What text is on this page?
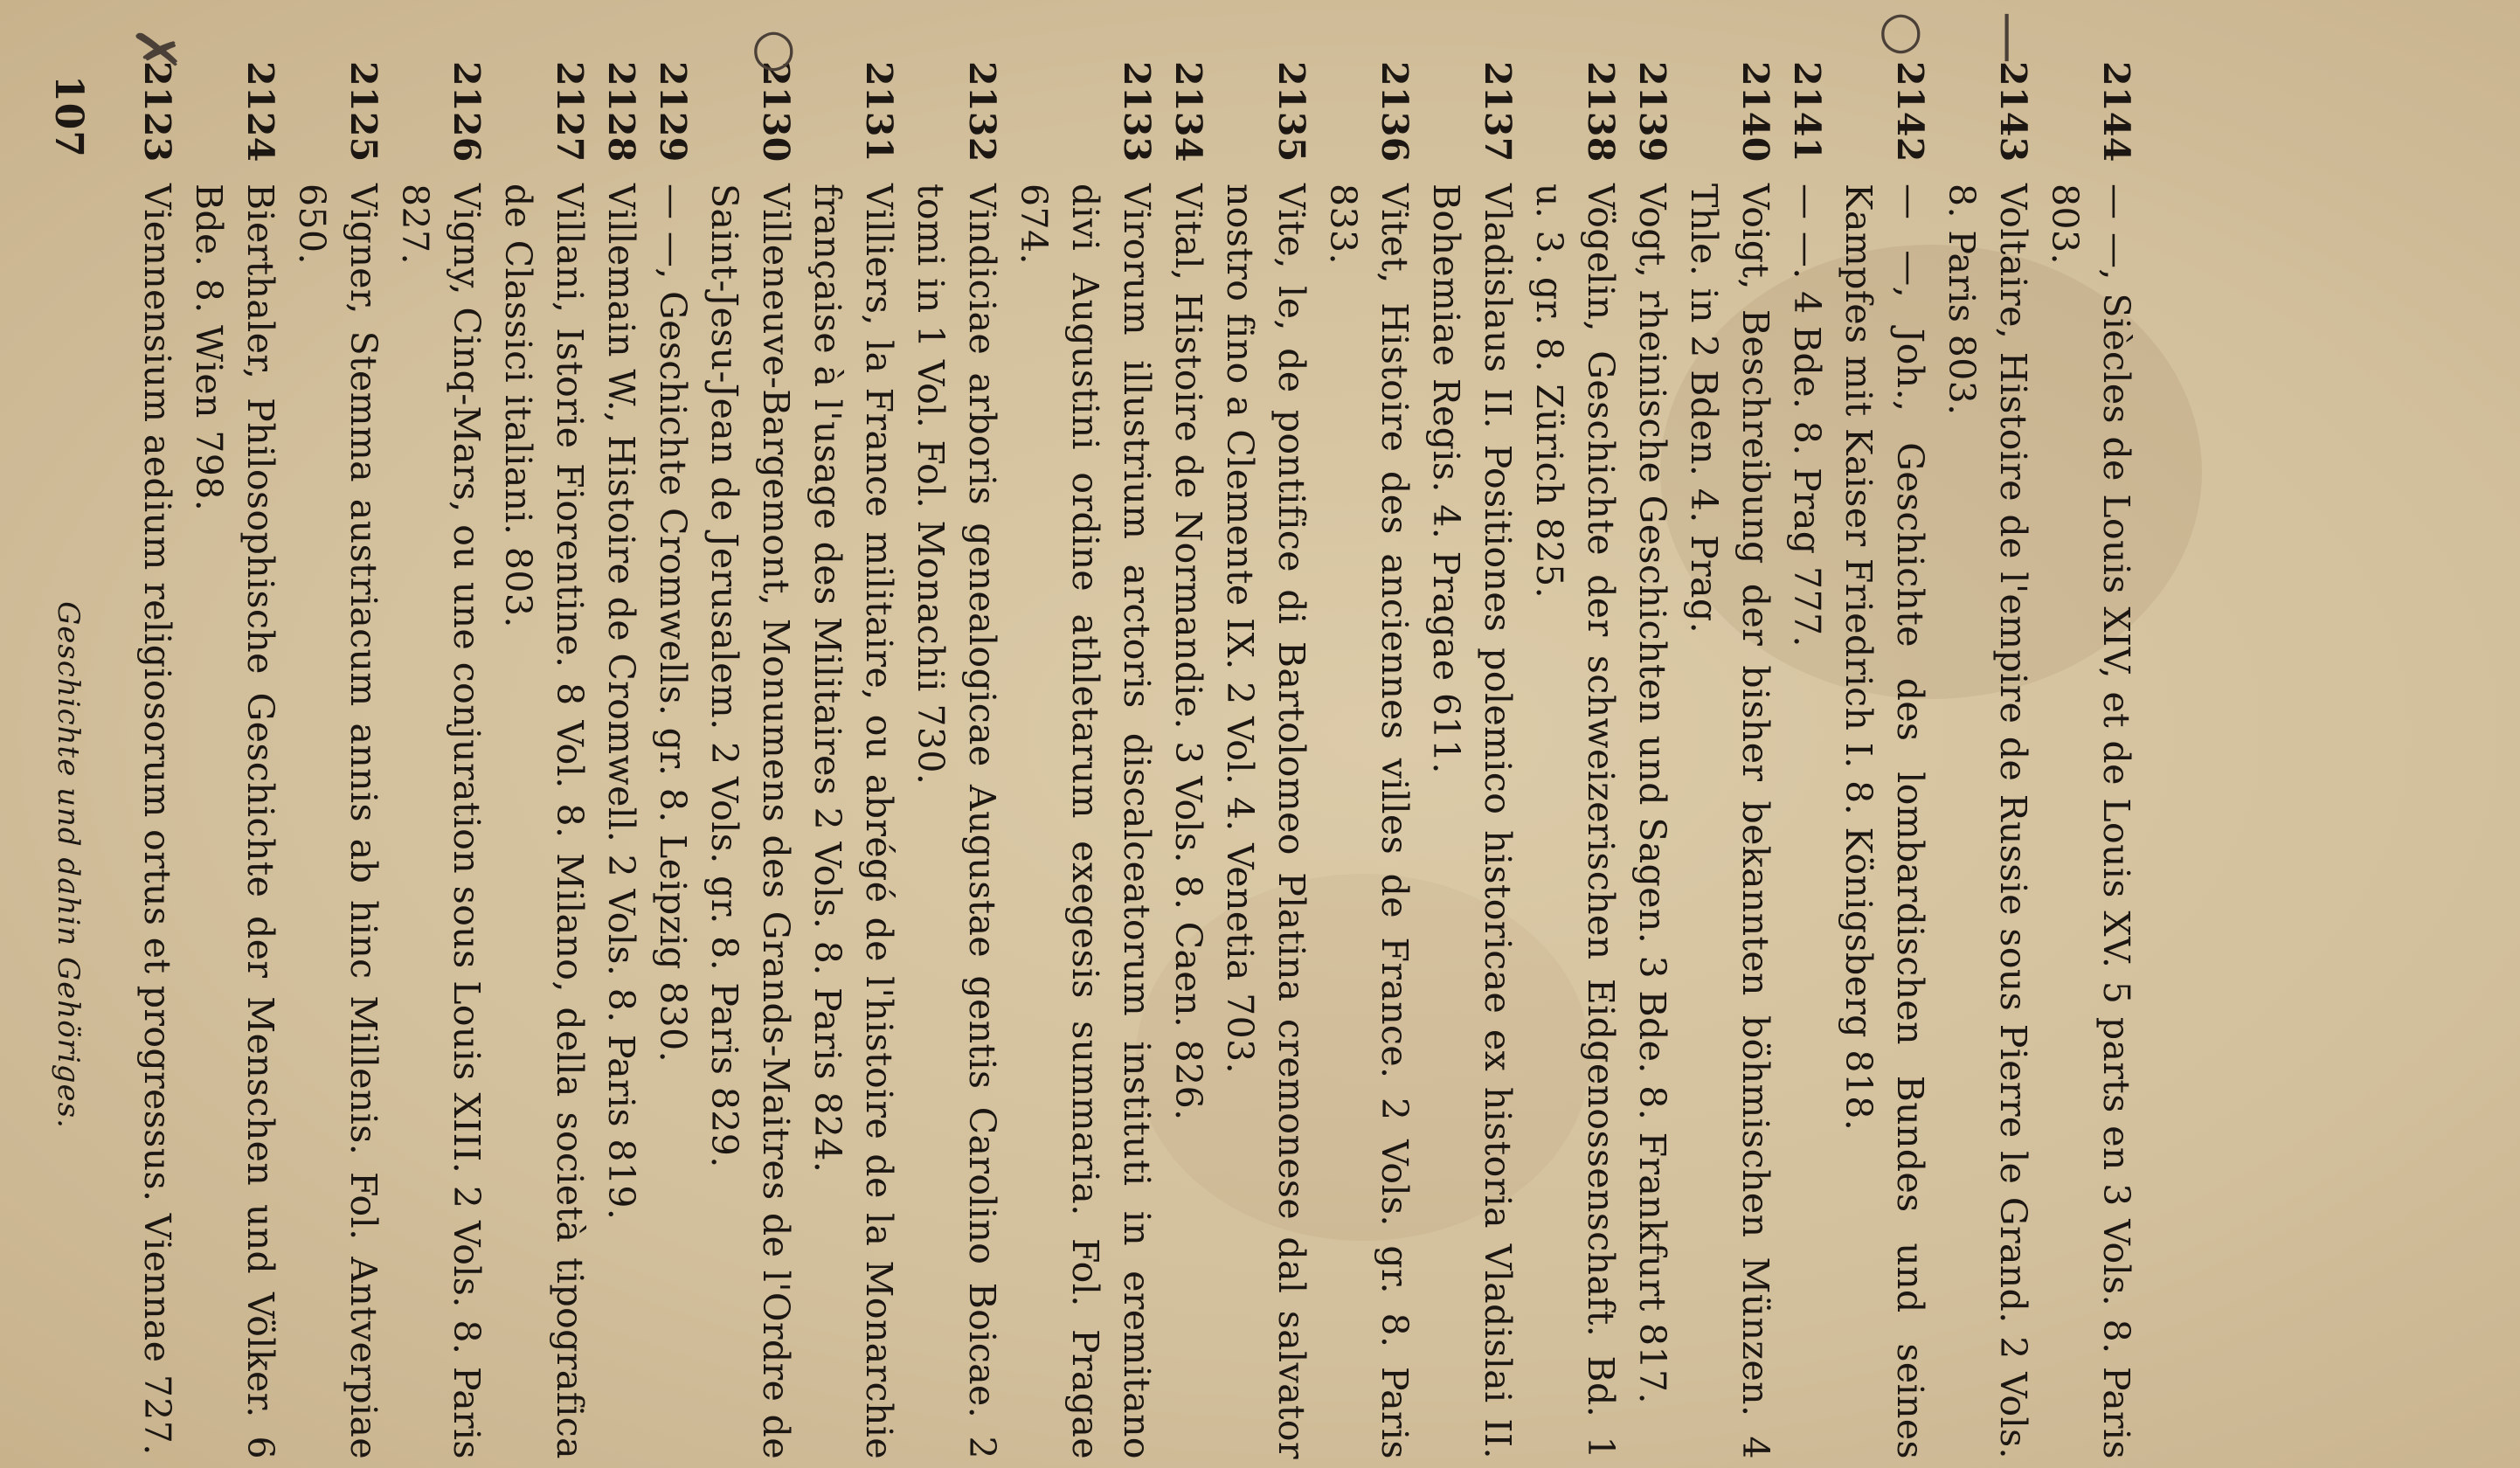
107
Geschichte und dahin Gehöriges.
2123
Viennensium aedium religiosorum ortus et progressus. Viennae 727.
2124
Bierthaler, Philosophische Geschichte der Menschen und Völker. 6 Bde. 8. Wien 798.
2125
Vigner, Stemma austriacum annis ab hinc Millenis. Fol. Antverpiae 650.
2126
Vigny, Cinq-Mars, ou une conjuration sous Louis XIII. 2 Vols. 8. Paris 827.
2127
Villani, Istorie Fiorentine. 8 Vol. 8. Milano, della società tipografica de Classici italiani. 803.
2128
Villemain W., Histoire de Cromwell. 2 Vols. 8. Paris 819.
2129
— —, Geschichte Cromwells. gr. 8. Leipzig 830.
2130
Villeneuve-Bargemont, Monumens des Grands-Maitres de l'Ordre de Saint-Jesu-Jean de Jerusalem. 2 Vols. gr. 8. Paris 829.
2131
Villiers, la France militaire, ou abrégé de l'histoire de la Monarchie française à l'usage des Militaires 2 Vols. 8. Paris 824.
2132
Vindiciae arboris genealogicae Augustae gentis Carolino Boicae. 2 tomi in 1 Vol. Fol. Monachii 730.
2133
Virorum illustrium arctoris discalceatorum instituti in eremitano divi Augustini ordine athletarum exegesis summaria. Fol. Pragae 674.
2134
Vital, Histoire de Normandie. 3 Vols. 8. Caen. 826.
2135
Vite, le, de pontifice di Bartolomeo Platina cremonese dal salvator nostro fino a Clemente IX. 2 Vol. 4. Venetia 703.
2136
Vitet, Histoire des anciennes villes de France. 2 Vols. gr. 8. Paris 833.
2137
Vladislaus II. Positiones polemico historicae ex historia Vladislai II. Bohemiae Regis. 4. Pragae 611.
2138
Vögelin, Geschichte der schweizerischen Eidgenossenschaft. Bd. 1 u. 3. gr. 8. Zürich 825.
2139
Vogt, rheinische Geschichten und Sagen. 3 Bde. 8. Frankfurt 817.
2140
Voigt, Beschreibung der bisher bekannten böhmischen Münzen. 4 Thle. in 2 Bden. 4. Prag.
2141
— —. 4 Bde. 8. Prag 777.
2142
— —, Joh., Geschichte des lombardischen Bundes und seines Kampfes mit Kaiser Friedrich I. 8. Königsberg 818.
2143
Voltaire, Histoire de l'empire de Russie sous Pierre le Grand. 2 Vols. 8. Paris 803.
2144
— —, Siècles de Louis XIV, et de Louis XV. 5 parts en 3 Vols. 8. Paris 803.
✗	○	○ —
